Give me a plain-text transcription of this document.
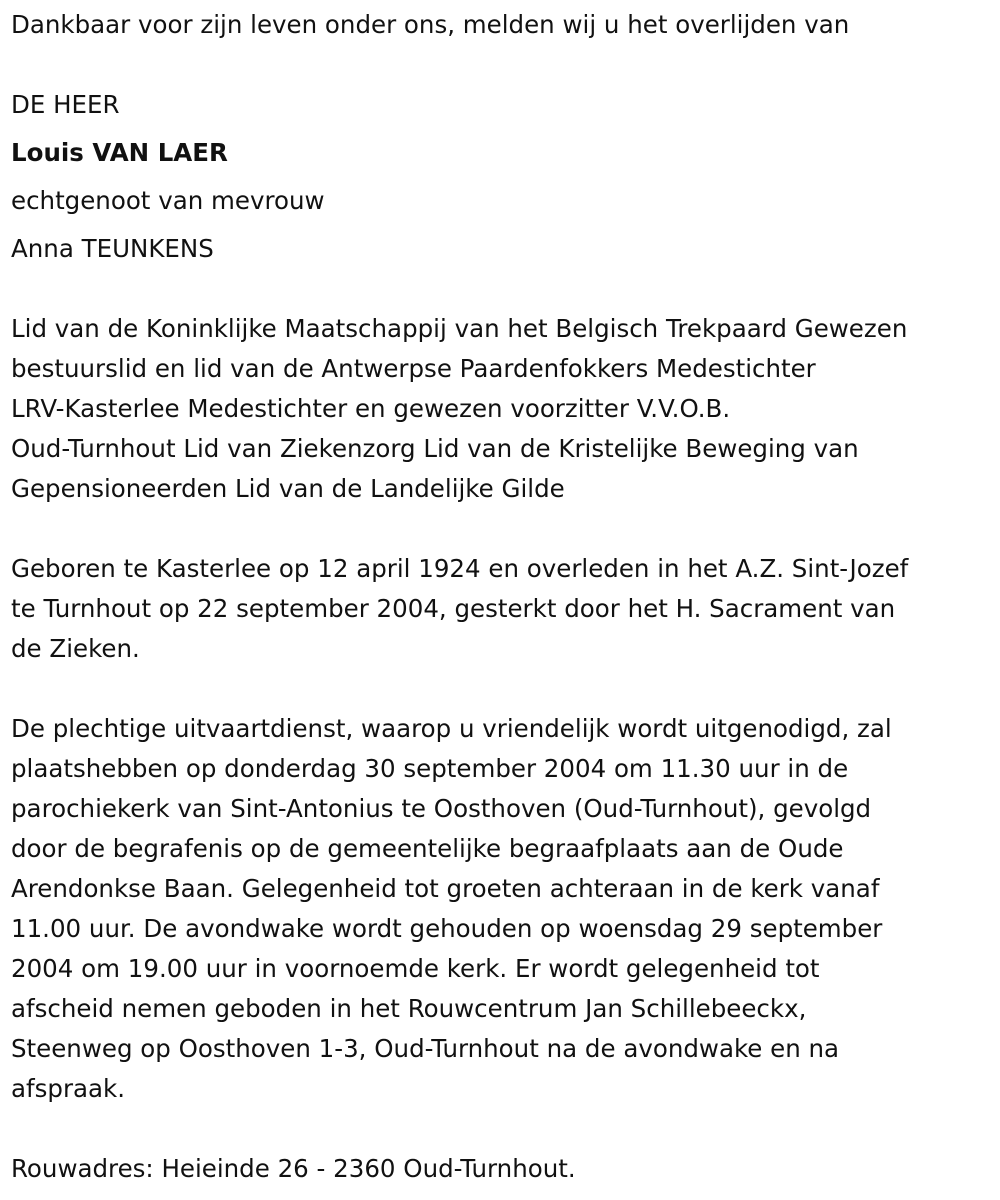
Dankbaar voor zijn leven onder ons, melden wij u het overlijden van
DE HEER
Louis VAN LAER
echtgenoot van mevrouw
Anna TEUNKENS
Lid van de Koninklijke Maatschappij van het Belgisch Trekpaard Gewezen
bestuurslid en lid van de Antwerpse Paardenfokkers Medestichter
LRV-Kasterlee Medestichter en gewezen voorzitter V.V.O.B.
Oud-Turnhout Lid van Ziekenzorg Lid van de Kristelijke Beweging van
Gepensioneerden Lid van de Landelijke Gilde
Geboren te Kasterlee op 12 april 1924 en overleden in het A.Z. Sint-Jozef
te Turnhout op 22 september 2004, gesterkt door het H. Sacrament van
de Zieken.
De plechtige uitvaartdienst, waarop u vriendelijk wordt uitgenodigd, zal
plaatshebben op donderdag 30 september 2004 om 11.30 uur in de
parochiekerk van Sint-Antonius te Oosthoven (Oud-Turnhout), gevolgd
door de begrafenis op de gemeentelijke begraafplaats aan de Oude
Arendonkse Baan. Gelegenheid tot groeten achteraan in de kerk vanaf
11.00 uur. De avondwake wordt gehouden op woensdag 29 september
2004 om 19.00 uur in voornoemde kerk. Er wordt gelegenheid tot
afscheid nemen geboden in het Rouwcentrum Jan Schillebeeckx,
Steenweg op Oosthoven 1-3, Oud-Turnhout na de avondwake en na
afspraak.
Rouwadres: Heieinde 26 - 2360 Oud-Turnhout.
